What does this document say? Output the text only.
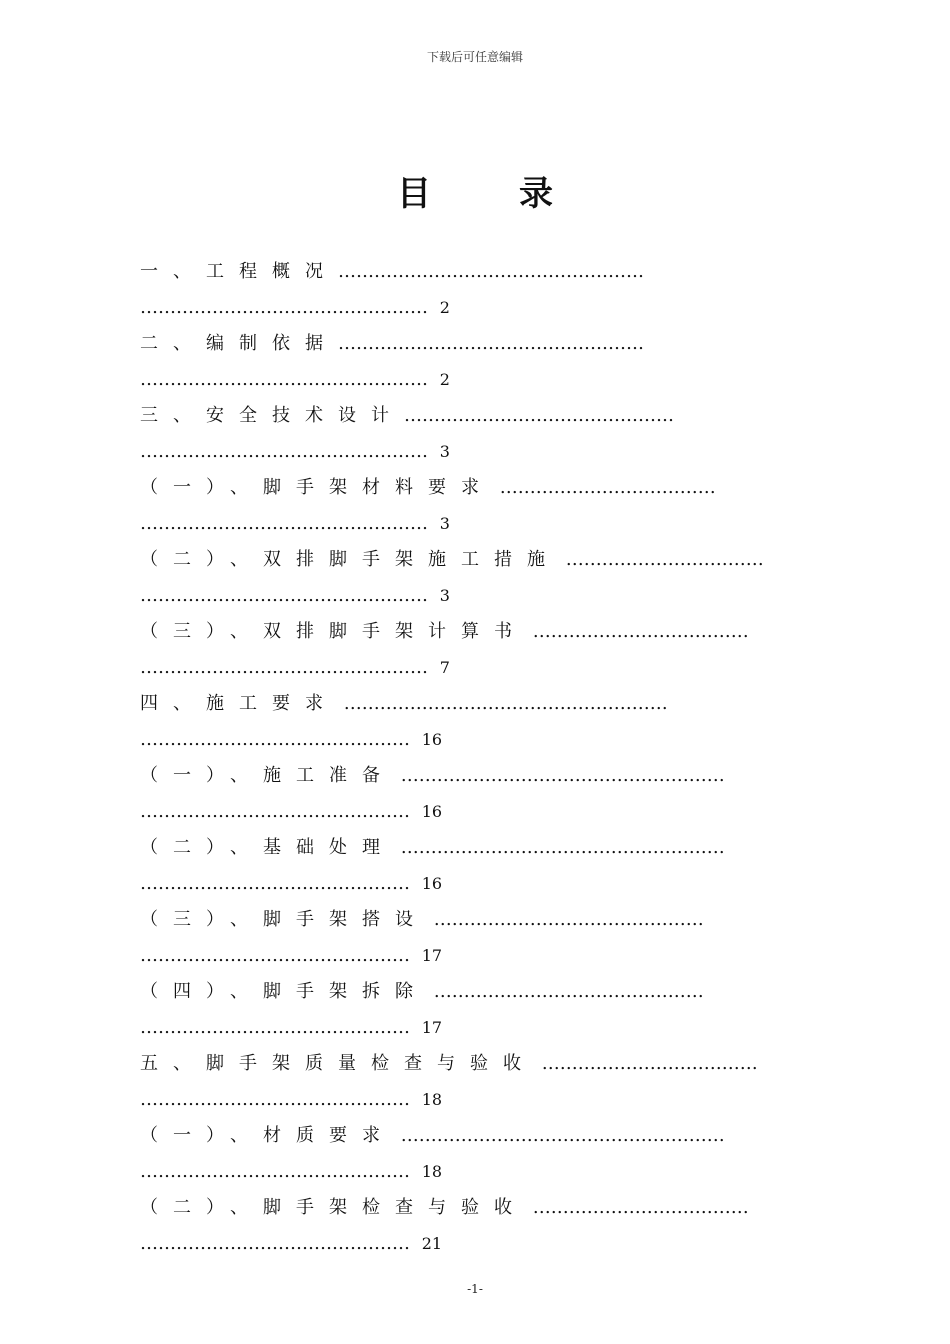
下载后可任意编辑
目	录
一、工程概况……………………………………………
………………………………………… 2
二、编制依据……………………………………………
………………………………………… 2
三、安全技术设计………………………………………
………………………………………… 3
（一）、脚手架材料要求 ………………………………
………………………………………… 3
（二）、双排脚手架施工措施 ……………………………
………………………………………… 3
（三）、双排脚手架计算书 ………………………………
………………………………………… 7
四、施工要求 ………………………………………………
……………………………………… 16
（一）、施工准备 ………………………………………………
……………………………………… 16
（二）、基础处理 ………………………………………………
……………………………………… 16
（三）、脚手架搭设 ………………………………………
……………………………………… 17
（四）、脚手架拆除 ………………………………………
……………………………………… 17
五、脚手架质量检查与验收 ………………………………
……………………………………… 18
（一）、材质要求 ………………………………………………
……………………………………… 18
（二）、脚手架检查与验收 ………………………………
……………………………………… 21
-1-
